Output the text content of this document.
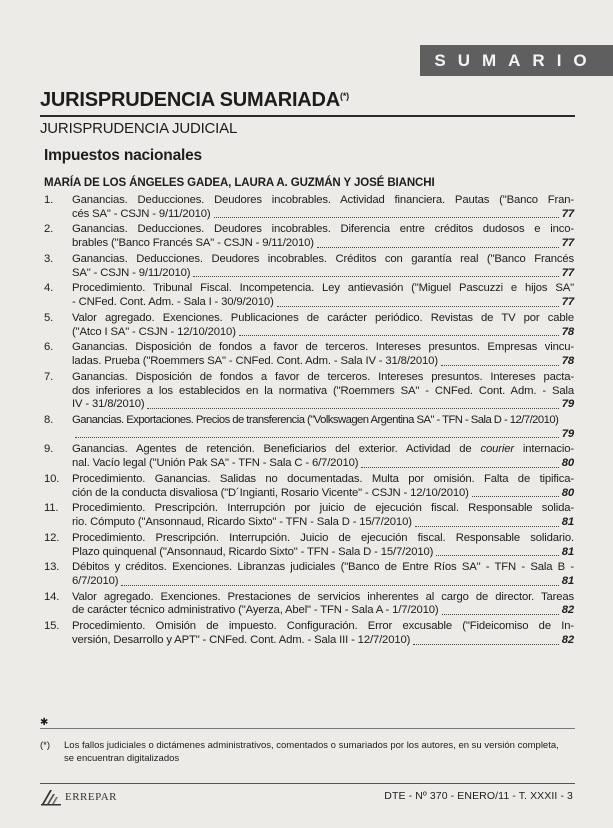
SUMARIO
JURISPRUDENCIA SUMARIADA(*)
JURISPRUDENCIA JUDICIAL
Impuestos nacionales
MARÍA DE LOS ÁNGELES GADEA, LAURA A. GUZMÁN Y JOSÉ BIANCHI
1.	Ganancias. Deducciones. Deudores incobrables. Actividad financiera. Pautas ("Banco Fran-
cés SA" - CSJN - 9/11/2010)	77
2.	Ganancias. Deducciones. Deudores incobrables. Diferencia entre créditos dudosos e inco-
brables ("Banco Francés SA" - CSJN - 9/11/2010)	77
3.	Ganancias. Deducciones. Deudores incobrables. Créditos con garantía real ("Banco Francés
SA" - CSJN - 9/11/2010)	77
4.	Procedimiento. Tribunal Fiscal. Incompetencia. Ley antievasión ("Miguel Pascuzzi e hijos SA"
- CNFed. Cont. Adm. - Sala I - 30/9/2010)	77
5.	Valor agregado. Exenciones. Publicaciones de carácter periódico. Revistas de TV por cable
("Atco I SA" - CSJN - 12/10/2010)	78
6.	Ganancias. Disposición de fondos a favor de terceros. Intereses presuntos. Empresas vincu-
ladas. Prueba ("Roemmers SA" - CNFed. Cont. Adm. - Sala IV - 31/8/2010)	78
7.	Ganancias. Disposición de fondos a favor de terceros. Intereses presuntos. Intereses pacta-
dos inferiores a los establecidos en la normativa ("Roemmers SA" - CNFed. Cont. Adm. - Sala
IV - 31/8/2010)	79
8.	Ganancias. Exportaciones. Precios de transferencia ("Volkswagen Argentina SA" - TFN - Sala D - 12/7/2010)
79
9.	Ganancias. Agentes de retención. Beneficiarios del exterior. Actividad de courier internacio-
nal. Vacío legal ("Unión Pak SA" - TFN - Sala C - 6/7/2010)	80
10.	Procedimiento. Ganancias. Salidas no documentadas. Multa por omisión. Falta de tipifica-
ción de la conducta disvaliosa ("D´Ingianti, Rosario Vicente" - CSJN - 12/10/2010)	80
11.	Procedimiento. Prescripción. Interrupción por juicio de ejecución fiscal. Responsable solida-
rio. Cómputo ("Ansonnaud, Ricardo Sixto" - TFN - Sala D - 15/7/2010)	81
12.	Procedimiento. Prescripción. Interrupción. Juicio de ejecución fiscal. Responsable solidario.
Plazo quinquenal ("Ansonnaud, Ricardo Sixto" - TFN - Sala D - 15/7/2010)	81
13.	Débitos y créditos. Exenciones. Libranzas judiciales ("Banco de Entre Ríos SA" - TFN - Sala B -
6/7/2010)	81
14.	Valor agregado. Exenciones. Prestaciones de servicios inherentes al cargo de director. Tareas
de carácter técnico administrativo ("Ayerza, Abel" - TFN - Sala A - 1/7/2010)	82
15.	Procedimiento. Omisión de impuesto. Configuración. Error excusable ("Fideicomiso de In-
versión, Desarrollo y APT" - CNFed. Cont. Adm. - Sala III - 12/7/2010)	82
✱
(*)	Los fallos judiciales o dictámenes administrativos, comentados o sumariados por los autores, en su versión completa, se encuentran digitalizados
ERREPAR	DTE - Nº 370 - ENERO/11 - T. XXXII - 3
